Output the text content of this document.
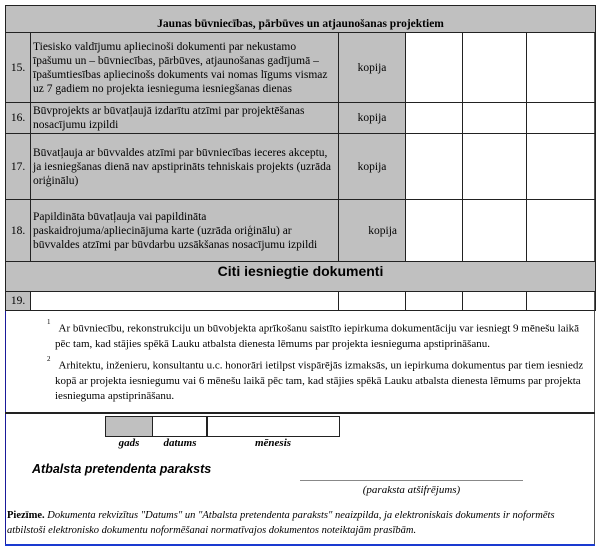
Jaunas būvniecības, pārbūves un atjaunošanas projektiem					
15.	Tiesisko valdījumu apliecinoši dokumenti par nekustamo īpašumu un – būvniecības, pārbūves, atjaunošanas gadījumā – īpašumtiesības apliecinošs dokuments vai nomas līgums vismaz uz 7 gadiem no projekta iesnieguma iesniegšanas dienas	kopija			
16.	Būvprojekts ar būvatļaujā izdarītu atzīmi par projektēšanas nosacījumu izpildi	kopija			
17.	Būvatļauja ar būvvaldes atzīmi par būvniecības ieceres akceptu, ja iesniegšanas dienā nav apstiprināts tehniskais projekts (uzrāda oriģinālu)	kopija			
18.	Papildināta būvatļauja vai papildināta paskaidrojuma/apliecinājuma karte (uzrāda oriģinālu) ar būvvaldes atzīmi par būvdarbu uzsākšanas nosacījumu izpildi	kopija			
Citi iesniegtie dokumenti					
19.					
$^1$Ar būvniecību, rekonstrukciju un būvobjekta aprīkošanu saistīto iepirkuma dokumentāciju var iesniegt 9 mēnešu laikā pēc tam, kad stājies spēkā Lauku atbalsta dienesta lēmums par projekta iesnieguma apstiprināšanu.
$^2$Arhitektu, inženieru, konsultantu u.c. honorāri ietilpst vispārējās izmaksās, un iepirkuma dokumentus par tiem iesniedz kopā ar projekta iesniegumu vai 6 mēnešu laikā pēc tam, kad stājies spēkā Lauku atbalsta dienesta lēmums par projekta iesnieguma apstiprināšanu.
gads	datums	mēnesis
Atbalsta pretendenta paraksts
(paraksta atšifrējums)
Piezīme. Dokumenta rekvizītus "Datums" un "Atbalsta pretendenta paraksts" neaizpilda, ja elektroniskais dokuments ir noformēts atbilstoši elektronisko dokumentu noformēšanai normatīvajos dokumentos noteiktajām prasībām.
